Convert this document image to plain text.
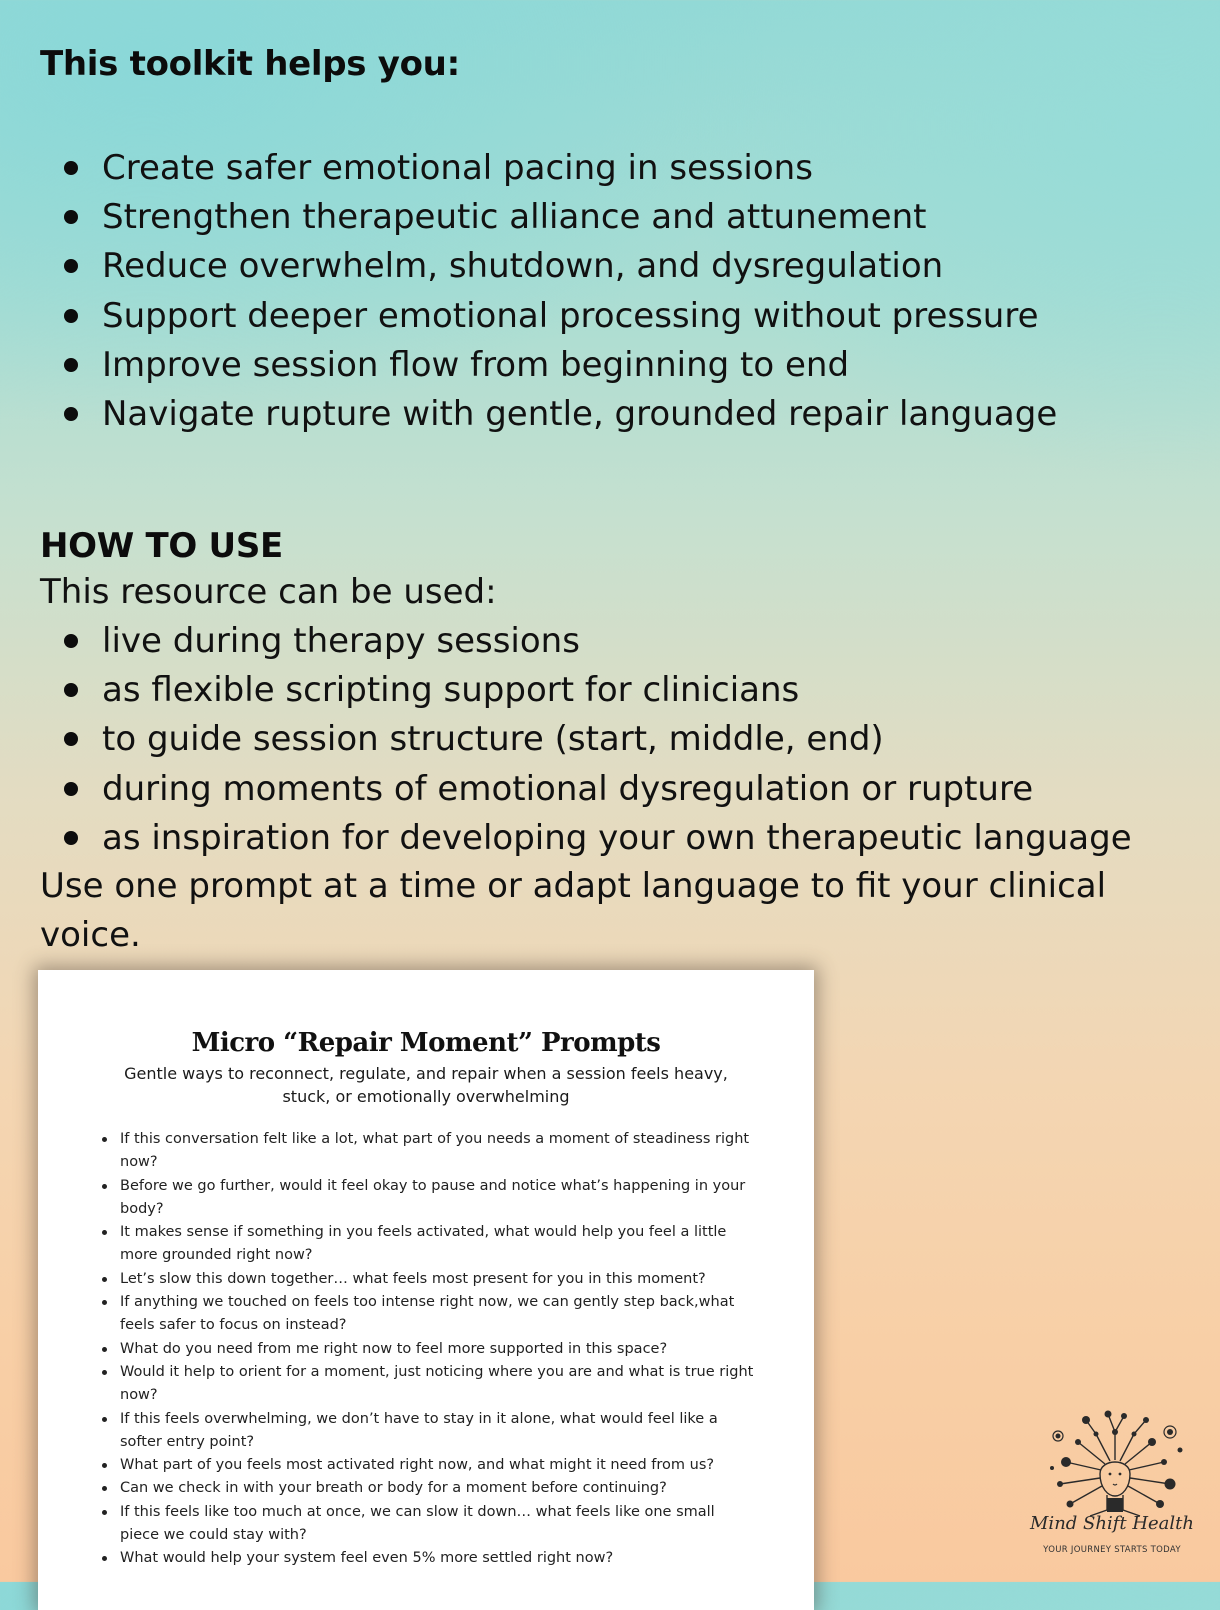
This toolkit helps you:
Create safer emotional pacing in sessions
Strengthen therapeutic alliance and attunement
Reduce overwhelm, shutdown, and dysregulation
Support deeper emotional processing without pressure
Improve session flow from beginning to end
Navigate rupture with gentle, grounded repair language
HOW TO USE

This resource can be used:

live during therapy sessions
as flexible scripting support for clinicians
to guide session structure (start, middle, end)
during moments of emotional dysregulation or rupture
as inspiration for developing your own therapeutic language

Use one prompt at a time or adapt language to fit your clinical voice.

Micro “Repair Moment” Prompts

Gentle ways to reconnect, regulate, and repair when a session feels heavy, stuck, or emotionally overwhelming

If this conversation felt like a lot, what part of you needs a moment of steadiness right now?
Before we go further, would it feel okay to pause and notice what’s happening in your body?
It makes sense if something in you feels activated, what would help you feel a little more grounded right now?
Let’s slow this down together… what feels most present for you in this moment?
If anything we touched on feels too intense right now, we can gently step back,what feels safer to focus on instead?
What do you need from me right now to feel more supported in this space?
Would it help to orient for a moment, just noticing where you are and what is true right now?
If this feels overwhelming, we don’t have to stay in it alone, what would feel like a softer entry point?
What part of you feels most activated right now, and what might it need from us?
Can we check in with your breath or body for a moment before continuing?
If this feels like too much at once, we can slow it down… what feels like one small piece we could stay with?
What would help your system feel even 5% more settled right now?

Mind Shift Health

YOUR JOURNEY STARTS TODAY
